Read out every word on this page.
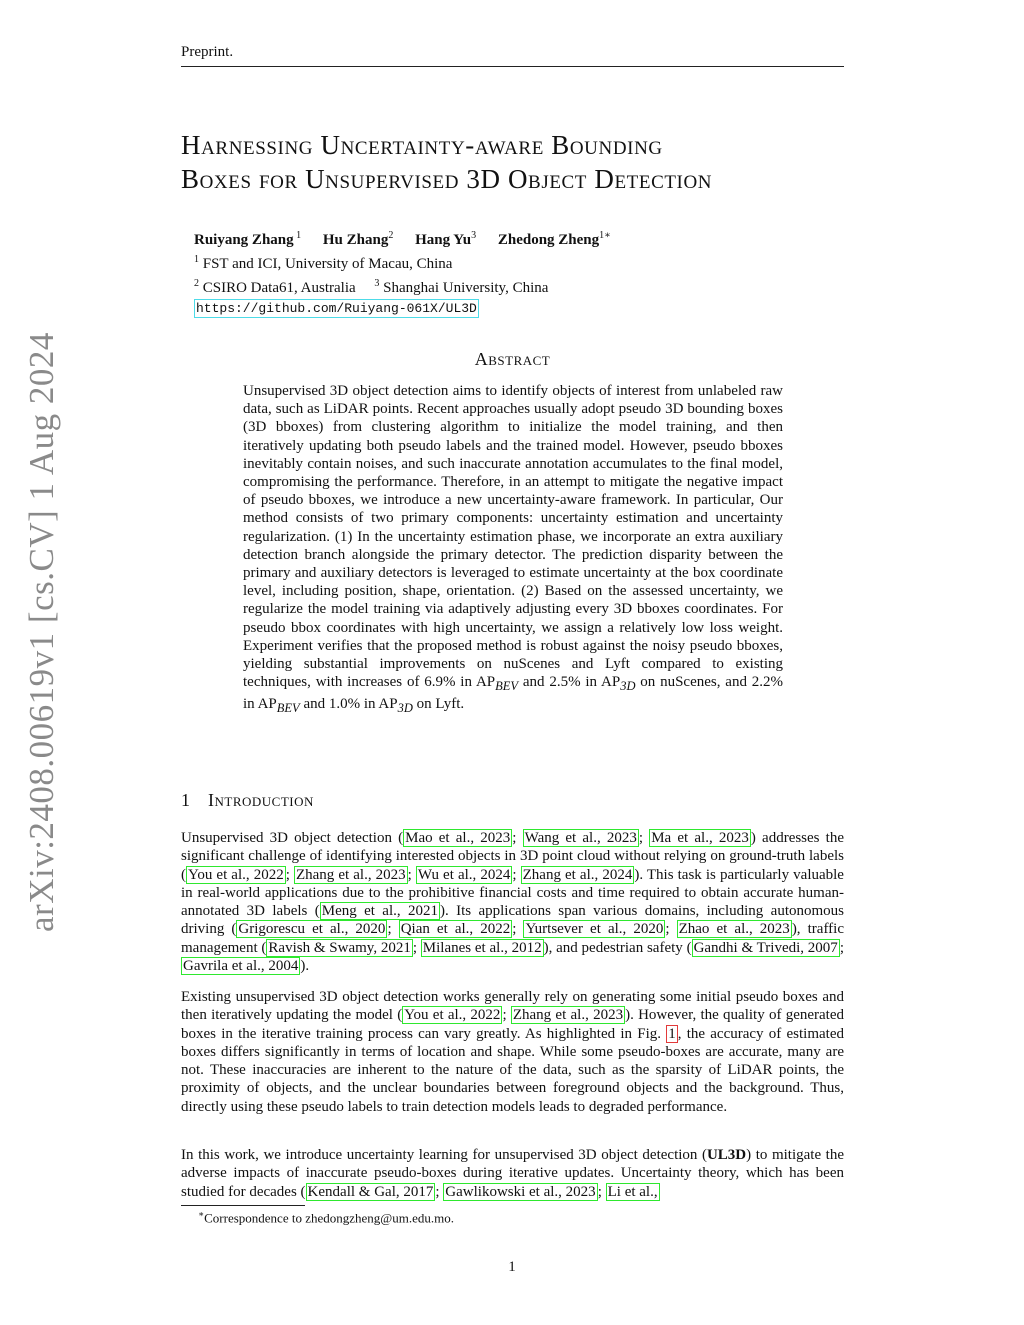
Preprint.
arXiv:2408.00619v1 [cs.CV] 1 Aug 2024
Harnessing Uncertainty-aware Bounding
Boxes for Unsupervised 3D Object Detection
Ruiyang Zhang $^1$ Hu Zhang$^2$ Hang Yu$^3$ Zhedong Zheng$^{1∗}$
$^1$ FST and ICI, University of Macau, China
$^2$ CSIRO Data61, Australia $^3$ Shanghai University, China
https://github.com/Ruiyang-061X/UL3D
Abstract
Unsupervised 3D object detection aims to identify objects of interest from unlabeled raw data, such as LiDAR points. Recent approaches usually adopt pseudo 3D bounding boxes (3D bboxes) from clustering algorithm to initialize the model training, and then iteratively updating both pseudo labels and the trained model. However, pseudo bboxes inevitably contain noises, and such inaccurate annotation accumulates to the final model, compromising the performance. Therefore, in an attempt to mitigate the negative impact of pseudo bboxes, we introduce a new uncertainty-aware framework. In particular, Our method consists of two primary components: uncertainty estimation and uncertainty regularization. (1) In the uncertainty estimation phase, we incorporate an extra auxiliary detection branch alongside the primary detector. The prediction disparity between the primary and auxiliary detectors is leveraged to estimate uncertainty at the box coordinate level, including position, shape, orientation. (2) Based on the assessed uncertainty, we regularize the model training via adaptively adjusting every 3D bboxes coordinates. For pseudo bbox coordinates with high uncertainty, we assign a relatively low loss weight. Experiment verifies that the proposed method is robust against the noisy pseudo bboxes, yielding substantial improvements on nuScenes and Lyft compared to existing techniques, with increases of 6.9% in $AP_{BEV}$ and 2.5% in $AP_{3D}$ on nuScenes, and 2.2% in $AP_{BEV}$ and 1.0% in $AP_{3D}$ on Lyft.
1 Introduction
Unsupervised 3D object detection ( Mao et al., 2023 ; Wang et al., 2023 ; Ma et al., 2023 ) addresses the significant challenge of identifying interested objects in 3D point cloud without relying on ground-truth labels ( You et al., 2022 ; Zhang et al., 2023 ; Wu et al., 2024 ; Zhang et al., 2024 ). This task is particularly valuable in real-world applications due to the prohibitive financial costs and time required to obtain accurate human-annotated 3D labels ( Meng et al., 2021 ). Its applications span various domains, including autonomous driving ( Grigorescu et al., 2020 ; Qian et al., 2022 ; Yurtsever et al., 2020 ; Zhao et al., 2023 ), traffic management ( Ravish & Swamy, 2021 ; Milanes et al., 2012 ), and pedestrian safety ( Gandhi & Trivedi, 2007 ; Gavrila et al., 2004 ).
Existing unsupervised 3D object detection works generally rely on generating some initial pseudo boxes and then iteratively updating the model ( You et al., 2022 ; Zhang et al., 2023 ). However, the quality of generated boxes in the iterative training process can vary greatly. As highlighted in Fig. 1 , the accuracy of estimated boxes differs significantly in terms of location and shape. While some pseudo-boxes are accurate, many are not. These inaccuracies are inherent to the nature of the data, such as the sparsity of LiDAR points, the proximity of objects, and the unclear boundaries between foreground objects and the background. Thus, directly using these pseudo labels to train detection models leads to degraded performance.
In this work, we introduce uncertainty learning for unsupervised 3D object detection (UL3D) to mitigate the adverse impacts of inaccurate pseudo-boxes during iterative updates. Uncertainty theory, which has been studied for decades ( Kendall & Gal, 2017 ; Gawlikowski et al., 2023 ; Li et al.,
∗Correspondence to zhedongzheng@um.edu.mo.
1
